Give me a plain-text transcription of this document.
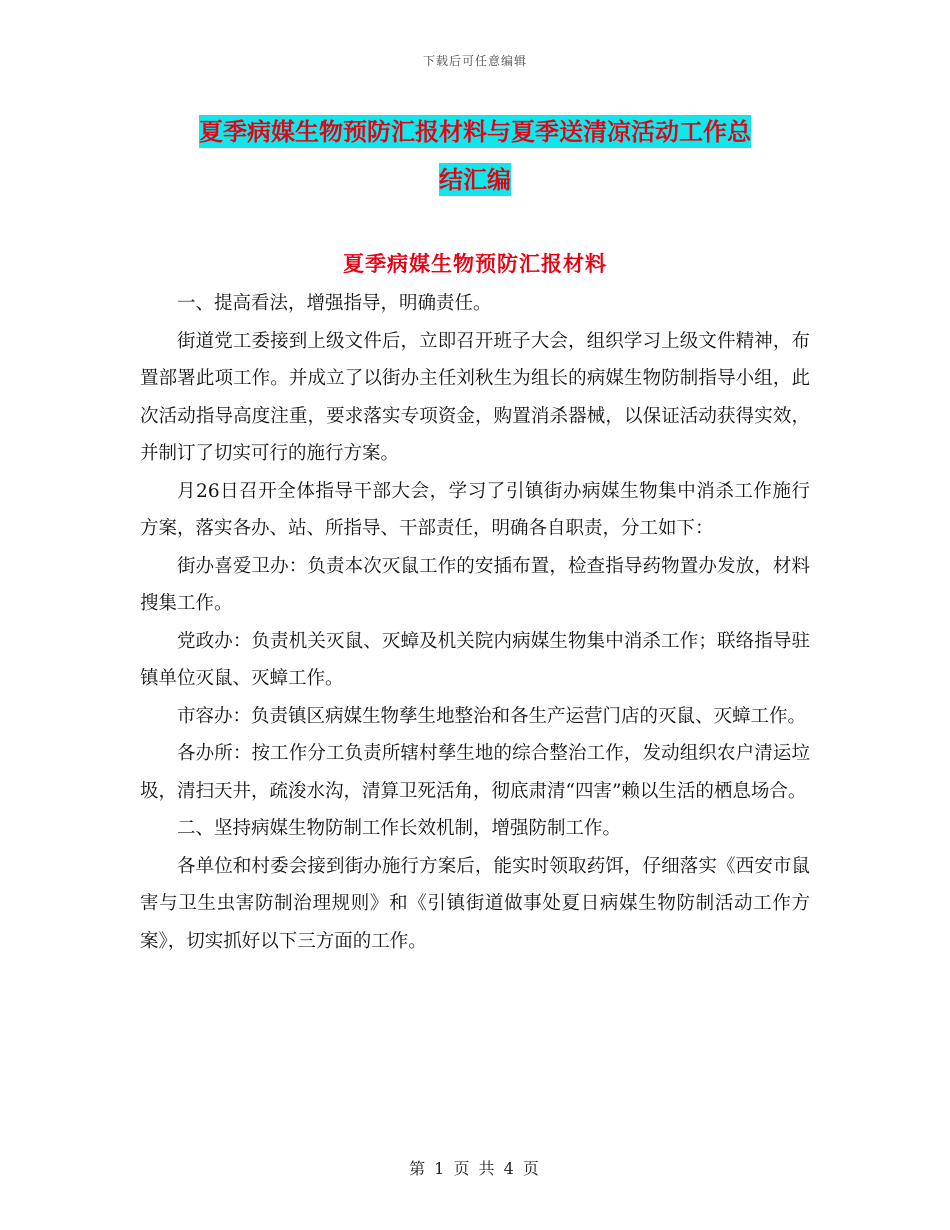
下载后可任意编辑
夏季病媒生物预防汇报材料与夏季送清凉活动工作总
结汇编
夏季病媒生物预防汇报材料

一、提高看法，增强指导，明确责任。

街道党工委接到上级文件后，立即召开班子大会，组织学习上级文件精神，布置部署此项工作。并成立了以街办主任刘秋生为组长的病媒生物防制指导小组，此次活动指导高度注重，要求落实专项资金，购置消杀器械，以保证活动获得实效，并制订了切实可行的施行方案。

月26日召开全体指导干部大会，学习了引镇街办病媒生物集中消杀工作施行方案，落实各办、站、所指导、干部责任，明确各自职责，分工如下：

街办喜爱卫办：负责本次灭鼠工作的安插布置，检查指导药物置办发放，材料搜集工作。

党政办：负责机关灭鼠、灭蟑及机关院内病媒生物集中消杀工作；联络指导驻镇单位灭鼠、灭蟑工作。

市容办：负责镇区病媒生物孳生地整治和各生产运营门店的灭鼠、灭蟑工作。

各办所：按工作分工负责所辖村孳生地的综合整治工作，发动组织农户清运垃圾，清扫天井，疏浚水沟，清算卫死活角，彻底肃清“四害”赖以生活的栖息场合。

二、坚持病媒生物防制工作长效机制，增强防制工作。

各单位和村委会接到街办施行方案后，能实时领取药饵，仔细落实《西安市鼠害与卫生虫害防制治理规则》和《引镇街道做事处夏日病媒生物防制活动工作方案》，切实抓好以下三方面的工作。

第 1 页 共 4 页
